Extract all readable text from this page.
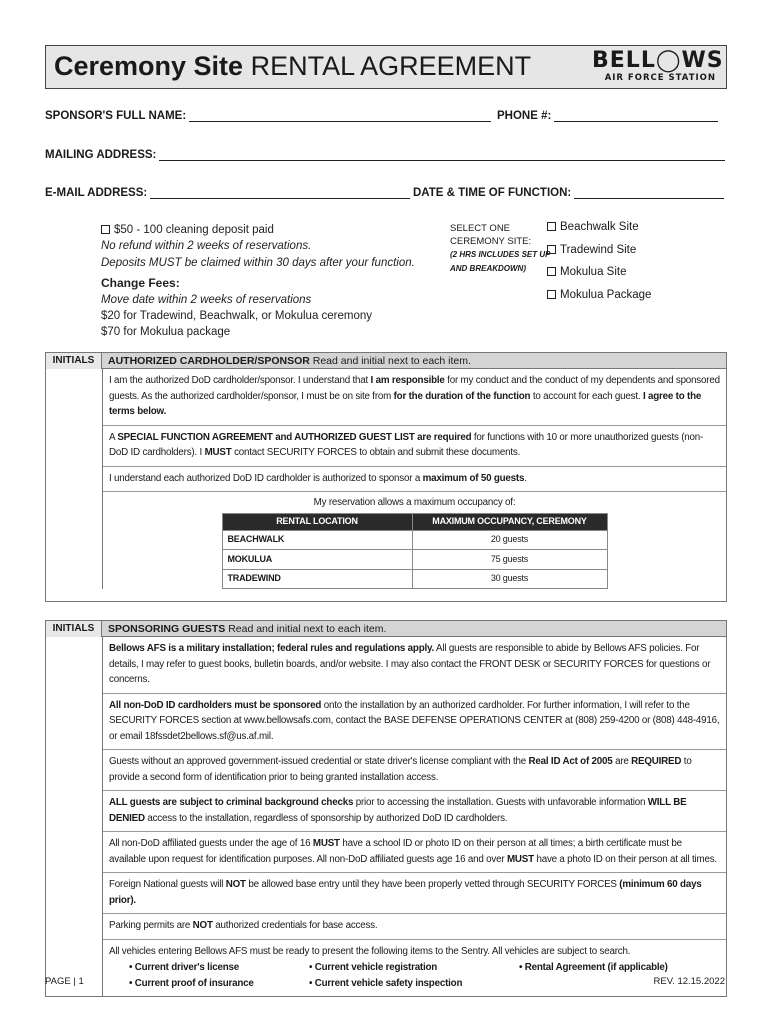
Ceremony Site RENTAL AGREEMENT	BELL◯WS
AIR FORCE STATION
SPONSOR'S FULL NAME:	PHONE #:
MAILING ADDRESS:
E-MAIL ADDRESS:	DATE & TIME OF FUNCTION:
$50 - 100 cleaning deposit paid
No refund within 2 weeks of reservations.
Deposits MUST be claimed within 30 days after your function.
Change Fees:
Move date within 2 weeks of reservations
$20 for Tradewind, Beachwalk, or Mokulua ceremony
$70 for Mokulua package
SELECT ONE
CEREMONY SITE:
(2 HRS INCLUDES SET UP
AND BREAKDOWN)
Beachwalk Site
Tradewind Site
Mokulua Site
Mokulua Package
INITIALS	AUTHORIZED CARDHOLDER/SPONSOR Read and initial next to each item.
I am the authorized DoD cardholder/sponsor. I understand that I am responsible for my conduct and the conduct of my dependents and sponsored guests. As the authorized cardholder/sponsor, I must be on site from for the duration of the function to account for each guest. I agree to the terms below.
A SPECIAL FUNCTION AGREEMENT and AUTHORIZED GUEST LIST are required for functions with 10 or more unauthorized guests (non-DoD ID cardholders). I MUST contact SECURITY FORCES to obtain and submit these documents.
I understand each authorized DoD ID cardholder is authorized to sponsor a maximum of 50 guests.
My reservation allows a maximum occupancy of:
RENTAL LOCATION	MAXIMUM OCCUPANCY, CEREMONY
BEACHWALK	20 guests
MOKULUA	75 guests
TRADEWIND	30 guests
INITIALS	SPONSORING GUESTS Read and initial next to each item.
Bellows AFS is a military installation; federal rules and regulations apply. All guests are responsible to abide by Bellows AFS policies. For details, I may refer to guest books, bulletin boards, and/or website. I may also contact the FRONT DESK or SECURITY FORCES for questions or concerns.
All non-DoD ID cardholders must be sponsored onto the installation by an authorized cardholder. For further information, I will refer to the SECURITY FORCES section at www.bellowsafs.com, contact the BASE DEFENSE OPERATIONS CENTER at (808) 259-4200 or (808) 448-4916, or email 18fssdet2bellows.sf@us.af.mil.
Guests without an approved government-issued credential or state driver's license compliant with the Real ID Act of 2005 are REQUIRED to provide a second form of identification prior to being granted installation access.
ALL guests are subject to criminal background checks prior to accessing the installation. Guests with unfavorable information WILL BE DENIED access to the installation, regardless of sponsorship by authorized DoD ID cardholders.
All non-DoD affiliated guests under the age of 16 MUST have a school ID or photo ID on their person at all times; a birth certificate must be available upon request for identification purposes. All non-DoD affiliated guests age 16 and over MUST have a photo ID on their person at all times.
Foreign National guests will NOT be allowed base entry until they have been properly vetted through SECURITY FORCES (minimum 60 days prior).
Parking permits are NOT authorized credentials for base access.
All vehicles entering Bellows AFS must be ready to present the following items to the Sentry. All vehicles are subject to search.
• Current driver's license
• Current proof of insurance
• Current vehicle registration
• Current vehicle safety inspection
• Rental Agreement (if applicable)
PAGE | 1	REV. 12.15.2022
